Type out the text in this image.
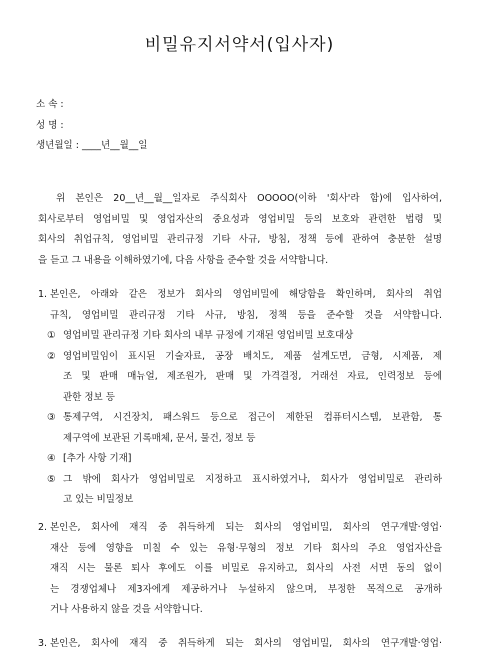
비밀유지서약서(입사자)
소 속 :
성 명 :
생년월일 : ____년__월__일
위 본인은 20__년__월__일자로 주식회사 OOOOO(이하 '회사'라 함)에 입사하여,
회사로부터 영업비밀 및 영업자산의 중요성과 영업비밀 등의 보호와 관련한 법령 및
회사의 취업규칙, 영업비밀 관리규정 기타 사규, 방침, 정책 등에 관하여 충분한 설명
을 듣고 그 내용을 이해하였기에, 다음 사항을 준수할 것을 서약합니다.
1. 본인은, 아래와 같은 정보가 회사의 영업비밀에 해당함을 확인하며, 회사의 취업
규칙, 영업비밀 관리규정 기타 사규, 방침, 정책 등을 준수할 것을 서약합니다.
① 영업비밀 관리규정 기타 회사의 내부 규정에 기재된 영업비밀 보호대상
② 영업비밀임이 표시된 기술자료, 공장 배치도, 제품 설계도면, 금형, 시제품, 제
조 및 판매 매뉴얼, 제조원가, 판매 및 가격결정, 거래선 자료, 인력정보 등에
관한 정보 등
③ 통제구역, 시건장치, 패스워드 등으로 접근이 제한된 컴퓨터시스템, 보관함, 통
제구역에 보관된 기록매체, 문서, 물건, 정보 등
④ [추가 사항 기재]
⑤ 그 밖에 회사가 영업비밀로 지정하고 표시하였거나, 회사가 영업비밀로 관리하
고 있는 비밀정보
2. 본인은, 회사에 재직 중 취득하게 되는 회사의 영업비밀, 회사의 연구개발·영업·
재산 등에 영향을 미칠 수 있는 유형·무형의 정보 기타 회사의 주요 영업자산을
재직 시는 물론 퇴사 후에도 이를 비밀로 유지하고, 회사의 사전 서면 동의 없이
는 경쟁업체나 제3자에게 제공하거나 누설하지 않으며, 부정한 목적으로 공개하
거나 사용하지 않을 것을 서약합니다.
3. 본인은, 회사에 재직 중 취득하게 되는 회사의 영업비밀, 회사의 연구개발·영업·
